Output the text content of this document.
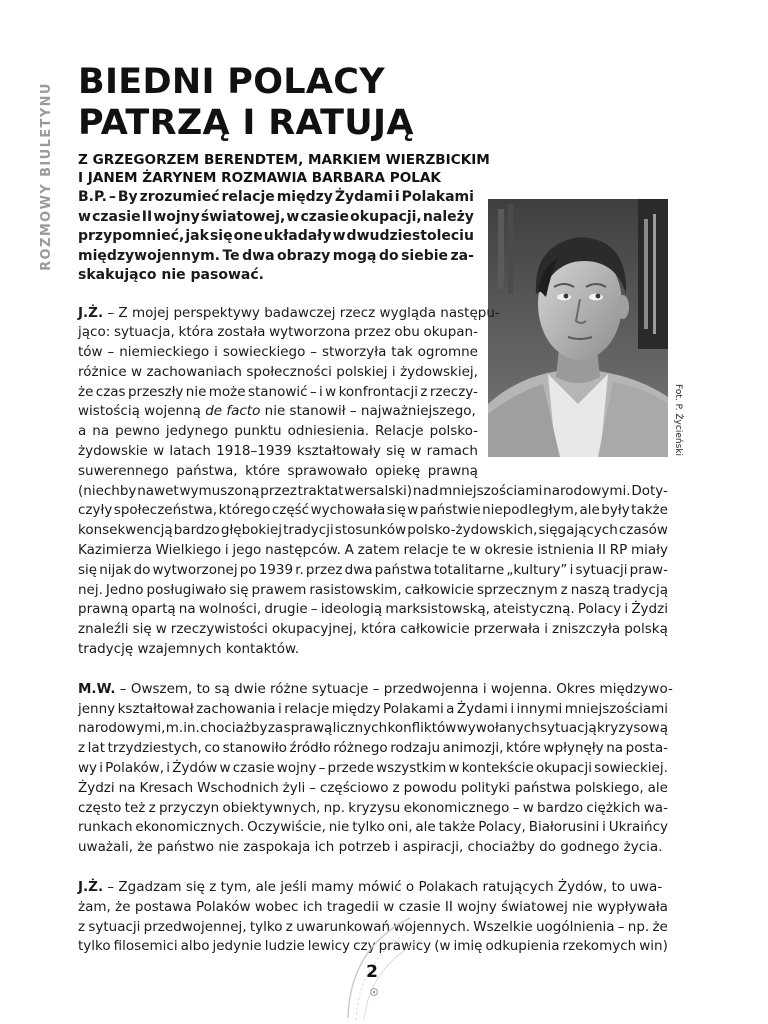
ROZMOWY BIULETYNU BIEDNI POLACY
PATRZĄ I RATUJĄ
Z GRZEGORZEM BERENDTEM, MARKIEM WIERZBICKIM
I JANEM ŻARYNEM ROZMAWIA BARBARA POLAK
Fot. P. Życieński
B.P. – By zrozumieć relacje między Żydami i Polakami
w czasie II wojny światowej, w czasie okupacji, należy
przypomnieć, jak się one układały w dwudziestoleciu
międzywojennym. Te dwa obrazy mogą do siebie za-
skakująco nie pasować.
J.Ż. – Z mojej perspektywy badawczej rzecz wygląda następu-
jąco: sytuacja, która została wytworzona przez obu okupan-
tów – niemieckiego i sowieckiego – stworzyła tak ogromne
różnice w zachowaniach społeczności polskiej i żydowskiej,
że czas przeszły nie może stanowić – i w konfrontacji z rzeczy-
wistością wojenną de facto nie stanowił – najważniejszego,
a na pewno jedynego punktu odniesienia. Relacje polsko-
żydowskie w latach 1918–1939 kształtowały się w ramach
suwerennego państwa, które sprawowało opiekę prawną
(niechby nawet wymuszoną przez traktat wersalski) nad mniejszościami narodowymi. Doty-
czyły społeczeństwa, którego część wychowała się w państwie niepodległym, ale były także
konsekwencją bardzo głębokiej tradycji stosunków polsko-żydowskich, sięgających czasów
Kazimierza Wielkiego i jego następców. A zatem relacje te w okresie istnienia II RP miały
się nijak do wytworzonej po 1939 r. przez dwa państwa totalitarne „kultury” i sytuacji praw-
nej. Jedno posługiwało się prawem rasistowskim, całkowicie sprzecznym z naszą tradycją
prawną opartą na wolności, drugie – ideologią marksistowską, ateistyczną. Polacy i Żydzi
znaleźli się w rzeczywistości okupacyjnej, która całkowicie przerwała i zniszczyła polską
tradycję wzajemnych kontaktów.
M.W. – Owszem, to są dwie różne sytuacje – przedwojenna i wojenna. Okres międzywo-
jenny kształtował zachowania i relacje między Polakami a Żydami i innymi mniejszościami
narodowymi, m.in. chociażby za sprawą licznych konfliktów wywołanych sytuacją kryzysową
z lat trzydziestych, co stanowiło źródło różnego rodzaju animozji, które wpłynęły na posta-
wy i Polaków, i Żydów w czasie wojny – przede wszystkim w kontekście okupacji sowieckiej.
Żydzi na Kresach Wschodnich żyli – częściowo z powodu polityki państwa polskiego, ale
często też z przyczyn obiektywnych, np. kryzysu ekonomicznego – w bardzo ciężkich wa-
runkach ekonomicznych. Oczywiście, nie tylko oni, ale także Polacy, Białorusini i Ukraińcy
uważali, że państwo nie zaspokaja ich potrzeb i aspiracji, chociażby do godnego życia.
J.Ż. – Zgadzam się z tym, ale jeśli mamy mówić o Polakach ratujących Żydów, to uwa-
żam, że postawa Polaków wobec ich tragedii w czasie II wojny światowej nie wypływała
z sytuacji przedwojennej, tylko z uwarunkowań wojennych. Wszelkie uogólnienia – np. że
tylko filosemici albo jedynie ludzie lewicy czy prawicy (w imię odkupienia rzekomych win)
2
